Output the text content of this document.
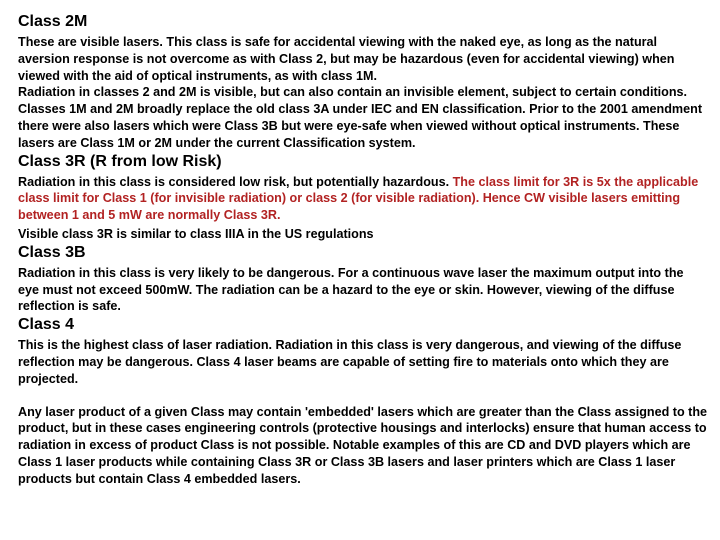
Class 2M

These are visible lasers. This class is safe for accidental viewing with the naked eye, as long as the natural aversion response is not overcome as with Class 2, but may be hazardous (even for accidental viewing) when viewed with the aid of optical instruments, as with class 1M.

Radiation in classes 2 and 2M is visible, but can also contain an invisible element, subject to certain conditions.

Classes 1M and 2M broadly replace the old class 3A under IEC and EN classification. Prior to the 2001 amendment there were also lasers which were Class 3B but were eye-safe when viewed without optical instruments. These lasers are Class 1M or 2M under the current Classification system.

Class 3R (R from low Risk)

Radiation in this class is considered low risk, but potentially hazardous. The class limit for 3R is 5x the applicable class limit for Class 1 (for invisible radiation) or class 2 (for visible radiation). Hence CW visible lasers emitting between 1 and 5 mW are normally Class 3R.

Visible class 3R is similar to class IIIA in the US regulations

Class 3B

Radiation in this class is very likely to be dangerous. For a continuous wave laser the maximum output into the eye must not exceed 500mW. The radiation can be a hazard to the eye or skin. However, viewing of the diffuse reflection is safe.

Class 4

This is the highest class of laser radiation. Radiation in this class is very dangerous, and viewing of the diffuse reflection may be dangerous. Class 4 laser beams are capable of setting fire to materials onto which they are projected.

Any laser product of a given Class may contain 'embedded' lasers which are greater than the Class assigned to the product, but in these cases engineering controls (protective housings and interlocks) ensure that human access to radiation in excess of product Class is not possible. Notable examples of this are CD and DVD players which are Class 1 laser products while containing Class 3R or Class 3B lasers and laser printers which are Class 1 laser products but contain Class 4 embedded lasers.
